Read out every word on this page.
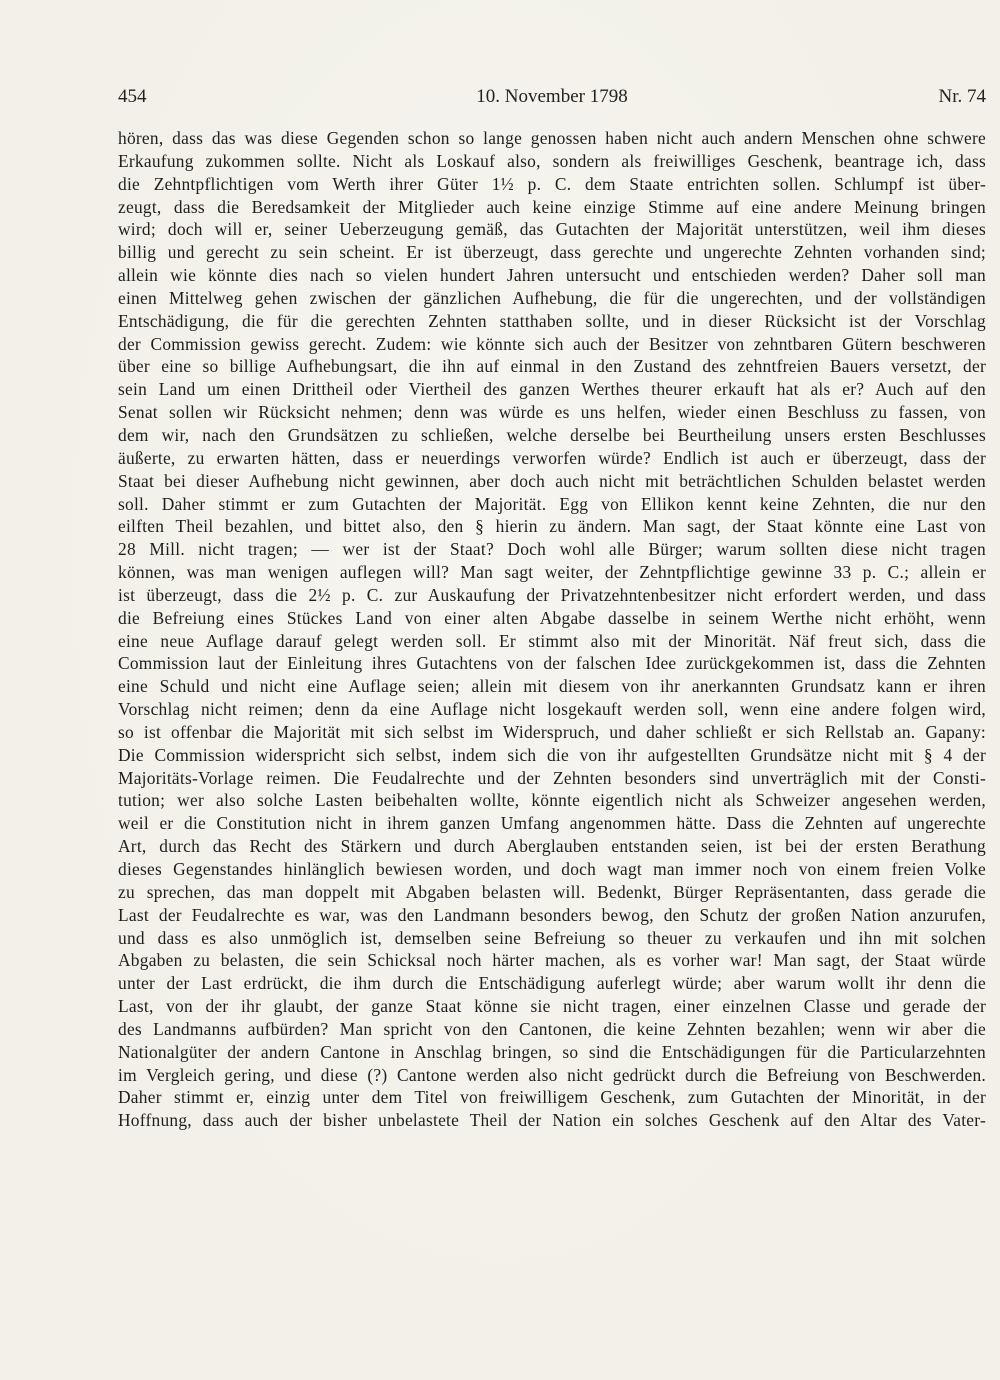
454	10. November 1798	Nr. 74
hören, dass das was diese Gegenden schon so lange genossen haben nicht auch andern Menschen ohne schwere
Erkaufung zukommen sollte. Nicht als Loskauf also, sondern als freiwilliges Geschenk, beantrage ich, dass
die Zehntpflichtigen vom Werth ihrer Güter 1½ p. C. dem Staate entrichten sollen. Schlumpf ist über-
zeugt, dass die Beredsamkeit der Mitglieder auch keine einzige Stimme auf eine andere Meinung bringen
wird; doch will er, seiner Ueberzeugung gemäß, das Gutachten der Majorität unterstützen, weil ihm dieses
billig und gerecht zu sein scheint. Er ist überzeugt, dass gerechte und ungerechte Zehnten vorhanden sind;
allein wie könnte dies nach so vielen hundert Jahren untersucht und entschieden werden? Daher soll man
einen Mittelweg gehen zwischen der gänzlichen Aufhebung, die für die ungerechten, und der vollständigen
Entschädigung, die für die gerechten Zehnten statthaben sollte, und in dieser Rücksicht ist der Vorschlag
der Commission gewiss gerecht. Zudem: wie könnte sich auch der Besitzer von zehntbaren Gütern beschweren
über eine so billige Aufhebungsart, die ihn auf einmal in den Zustand des zehntfreien Bauers versetzt, der
sein Land um einen Drittheil oder Viertheil des ganzen Werthes theurer erkauft hat als er? Auch auf den
Senat sollen wir Rücksicht nehmen; denn was würde es uns helfen, wieder einen Beschluss zu fassen, von
dem wir, nach den Grundsätzen zu schließen, welche derselbe bei Beurtheilung unsers ersten Beschlusses
äußerte, zu erwarten hätten, dass er neuerdings verworfen würde? Endlich ist auch er überzeugt, dass der
Staat bei dieser Aufhebung nicht gewinnen, aber doch auch nicht mit beträchtlichen Schulden belastet werden
soll. Daher stimmt er zum Gutachten der Majorität. Egg von Ellikon kennt keine Zehnten, die nur den
eilften Theil bezahlen, und bittet also, den § hierin zu ändern. Man sagt, der Staat könnte eine Last von
28 Mill. nicht tragen; — wer ist der Staat? Doch wohl alle Bürger; warum sollten diese nicht tragen
können, was man wenigen auflegen will? Man sagt weiter, der Zehntpflichtige gewinne 33 p. C.; allein er
ist überzeugt, dass die 2½ p. C. zur Auskaufung der Privatzehntenbesitzer nicht erfordert werden, und dass
die Befreiung eines Stückes Land von einer alten Abgabe dasselbe in seinem Werthe nicht erhöht, wenn
eine neue Auflage darauf gelegt werden soll. Er stimmt also mit der Minorität. Näf freut sich, dass die
Commission laut der Einleitung ihres Gutachtens von der falschen Idee zurückgekommen ist, dass die Zehnten
eine Schuld und nicht eine Auflage seien; allein mit diesem von ihr anerkannten Grundsatz kann er ihren
Vorschlag nicht reimen; denn da eine Auflage nicht losgekauft werden soll, wenn eine andere folgen wird,
so ist offenbar die Majorität mit sich selbst im Widerspruch, und daher schließt er sich Rellstab an. Gapany:
Die Commission widerspricht sich selbst, indem sich die von ihr aufgestellten Grundsätze nicht mit § 4 der
Majoritäts-Vorlage reimen. Die Feudalrechte und der Zehnten besonders sind unverträglich mit der Consti-
tution; wer also solche Lasten beibehalten wollte, könnte eigentlich nicht als Schweizer angesehen werden,
weil er die Constitution nicht in ihrem ganzen Umfang angenommen hätte. Dass die Zehnten auf ungerechte
Art, durch das Recht des Stärkern und durch Aberglauben entstanden seien, ist bei der ersten Berathung
dieses Gegenstandes hinlänglich bewiesen worden, und doch wagt man immer noch von einem freien Volke
zu sprechen, das man doppelt mit Abgaben belasten will. Bedenkt, Bürger Repräsentanten, dass gerade die
Last der Feudalrechte es war, was den Landmann besonders bewog, den Schutz der großen Nation anzurufen,
und dass es also unmöglich ist, demselben seine Befreiung so theuer zu verkaufen und ihn mit solchen
Abgaben zu belasten, die sein Schicksal noch härter machen, als es vorher war! Man sagt, der Staat würde
unter der Last erdrückt, die ihm durch die Entschädigung auferlegt würde; aber warum wollt ihr denn die
Last, von der ihr glaubt, der ganze Staat könne sie nicht tragen, einer einzelnen Classe und gerade der
des Landmanns aufbürden? Man spricht von den Cantonen, die keine Zehnten bezahlen; wenn wir aber die
Nationalgüter der andern Cantone in Anschlag bringen, so sind die Entschädigungen für die Particularzehnten
im Vergleich gering, und diese (?) Cantone werden also nicht gedrückt durch die Befreiung von Beschwerden.
Daher stimmt er, einzig unter dem Titel von freiwilligem Geschenk, zum Gutachten der Minorität, in der
Hoffnung, dass auch der bisher unbelastete Theil der Nation ein solches Geschenk auf den Altar des Vater-
